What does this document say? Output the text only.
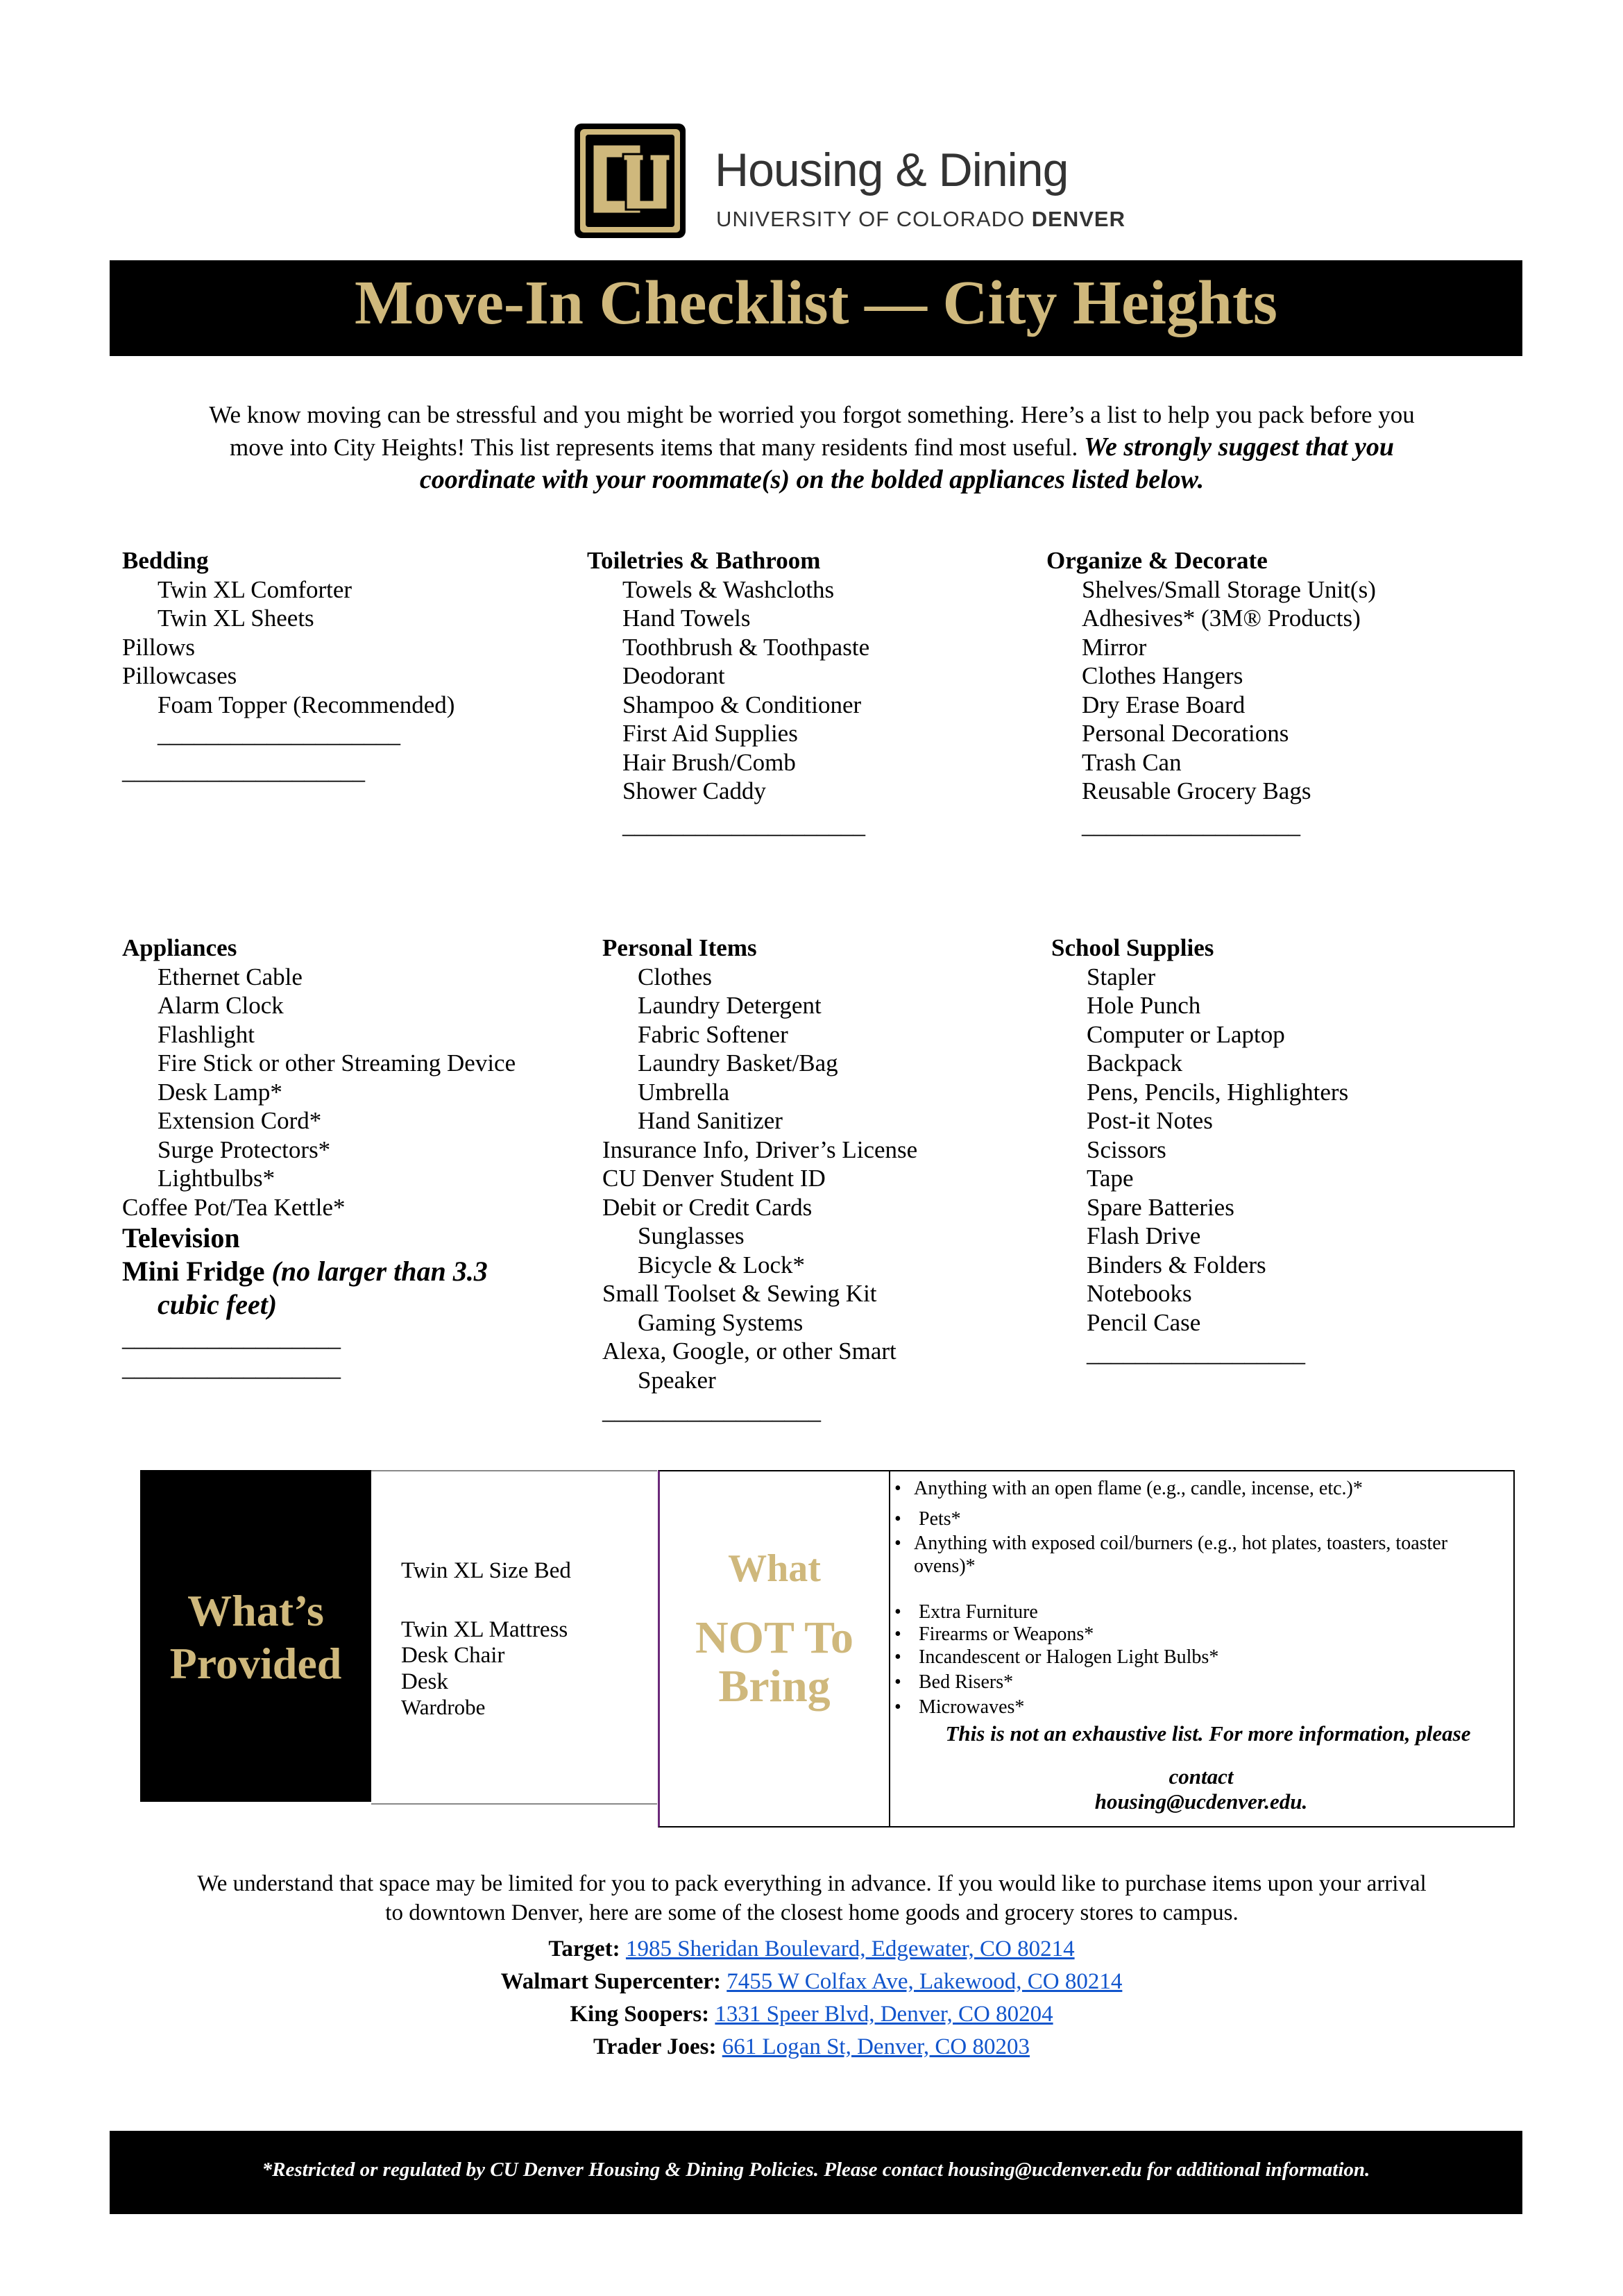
Housing & Dining
UNIVERSITY OF COLORADO DENVER
Move-In Checklist — City Heights
We know moving can be stressful and you might be worried you forgot something. Here’s a list to help you pack before you move into City Heights! This list represents items that many residents find most useful. We strongly suggest that you coordinate with your roommate(s) on the bolded appliances listed below.
Bedding
Twin XL Comforter
Twin XL Sheets
Pillows
Pillowcases
Foam Topper (Recommended)
____________________
____________________
Toiletries & Bathroom
Towels & Washcloths
Hand Towels
Toothbrush & Toothpaste
Deodorant
Shampoo & Conditioner
First Aid Supplies
Hair Brush/Comb
Shower Caddy
____________________
Organize & Decorate
Shelves/Small Storage Unit(s)
Adhesives* (3M® Products)
Mirror
Clothes Hangers
Dry Erase Board
Personal Decorations
Trash Can
Reusable Grocery Bags
__________________
Appliances
Ethernet Cable
Alarm Clock
Flashlight
Fire Stick or other Streaming Device
Desk Lamp*
Extension Cord*
Surge Protectors*
Lightbulbs*
Coffee Pot/Tea Kettle*
Television
Mini Fridge (no larger than 3.3
cubic feet)
__________________
__________________
Personal Items
Clothes
Laundry Detergent
Fabric Softener
Laundry Basket/Bag
Umbrella
Hand Sanitizer
Insurance Info, Driver’s License
CU Denver Student ID
Debit or Credit Cards
Sunglasses
Bicycle & Lock*
Small Toolset & Sewing Kit
Gaming Systems
Alexa, Google, or other Smart
Speaker
__________________
School Supplies
Stapler
Hole Punch
Computer or Laptop
Backpack
Pens, Pencils, Highlighters
Post-it Notes
Scissors
Tape
Spare Batteries
Flash Drive
Binders & Folders
Notebooks
Pencil Case
__________________
What’s
Provided
Twin XL Size Bed
Twin XL Mattress
Desk Chair
Desk
Wardrobe
What
NOT To
Bring
• Anything with an open flame (e.g., candle, incense, etc.)*
• Pets*
• Anything with exposed coil/burners (e.g., hot plates, toasters, toaster
ovens)*
• Extra Furniture
• Firearms or Weapons*
• Incandescent or Halogen Light Bulbs*
• Bed Risers*
• Microwaves*
This is not an exhaustive list. For more information, please
contact
housing@ucdenver.edu.
We understand that space may be limited for you to pack everything in advance. If you would like to purchase items upon your arrival to downtown Denver, here are some of the closest home goods and grocery stores to campus.
Target: 1985 Sheridan Boulevard, Edgewater, CO 80214
Walmart Supercenter: 7455 W Colfax Ave, Lakewood, CO 80214
King Soopers: 1331 Speer Blvd, Denver, CO 80204
Trader Joes: 661 Logan St, Denver, CO 80203
*Restricted or regulated by CU Denver Housing & Dining Policies. Please contact housing@ucdenver.edu for additional information.
